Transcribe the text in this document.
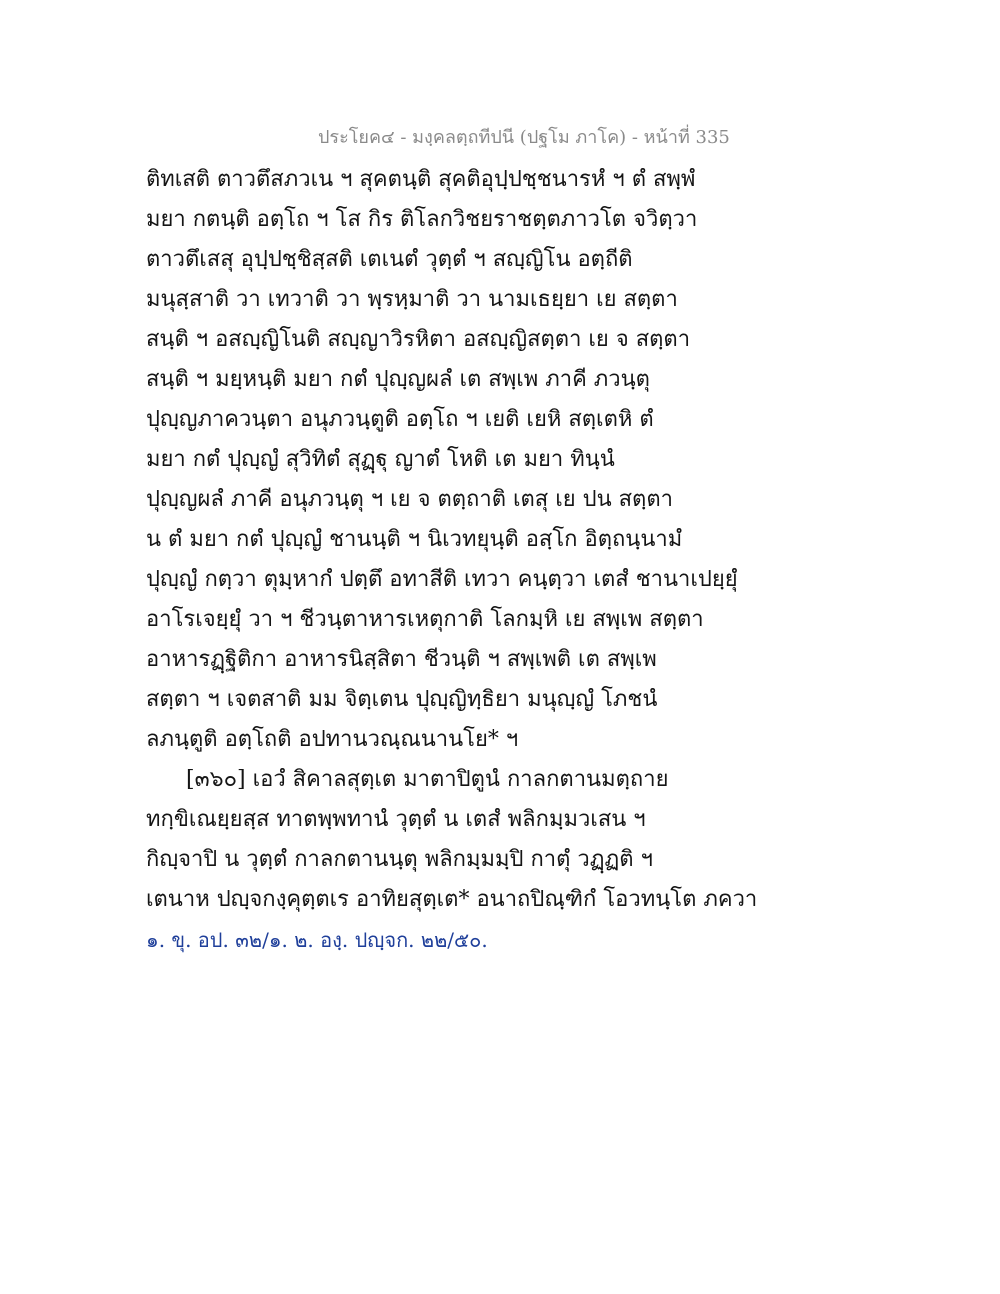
ประโยค๔ - มงฺคลตฺถทีปนี (ปฐโม ภาโค) - หน้าที่ 335
ติทเสติ ตาวตึสภวเน ฯ สุคตนฺติ สุคติอุปฺปชฺชนารหํ ฯ ตํ สพฺพํ
มยา กตนฺติ อตฺโถ ฯ โส กิร ติโลกวิชยราชตฺตภาวโต จวิตฺวา
ตาวตึเสสุ อุปฺปชฺชิสฺสติ เตเนตํ วุตฺตํ ฯ สญฺญิโน อตฺถีติ
มนุสฺสาติ วา เทวาติ วา พฺรหฺมาติ วา นามเธยฺยา เย สตฺตา
สนฺติ ฯ อสญฺญิโนติ สญฺญาวิรหิตา อสญฺญิสตฺตา เย จ สตฺตา
สนฺติ ฯ มยฺหนฺติ มยา กตํ ปุญฺญผลํ เต สพฺเพ ภาคี ภวนฺตุ
ปุญฺญภาควนฺตา อนุภวนฺตูติ อตฺโถ ฯ เยติ เยหิ สตฺเตหิ ตํ
มยา กตํ ปุญฺญํ สุวิทิตํ สุฏฺฐุ ญาตํ โหติ เต มยา ทินฺนํ
ปุญฺญผลํ ภาคี อนุภวนฺตุ ฯ เย จ ตตฺถาติ เตสุ เย ปน สตฺตา
น ตํ มยา กตํ ปุญฺญํ ชานนฺติ ฯ นิเวทยุนฺติ อสฺโก อิตฺถนฺนามํ
ปุญฺญํ กตฺวา ตุมฺหากํ ปตฺตึ อทาสีติ เทวา คนฺตฺวา เตสํ ชานาเปยฺยุํ
อาโรเจยฺยุํ วา ฯ ชีวนฺตาหารเหตุกาติ โลกมฺหิ เย สพฺเพ สตฺตา
อาหารฏฺฐิติกา อาหารนิสฺสิตา ชีวนฺติ ฯ สพฺเพติ เต สพฺเพ
สตฺตา ฯ เจตสาติ มม จิตฺเตน ปุญฺญิทฺธิยา มนุญฺญํ โภชนํ
ลภนฺตูติ อตฺโถติ อปทานวณฺณนานโย* ฯ
[๓๖๐] เอวํ สิคาลสุตฺเต มาตาปิตูนํ กาลกตานมตฺถาย
ทกฺขิเณยฺยสฺส ทาตพฺพทานํ วุตฺตํ น เตสํ พลิกมฺมวเสน ฯ
กิญฺจาปิ น วุตฺตํ กาลกตานนฺตุ พลิกมฺมมฺปิ กาตุํ วฏฺฏติ ฯ
เตนาห ปญฺจกงฺคุตฺตเร อาทิยสุตฺเต* อนาถปิณฺฑิกํ โอวทนฺโต ภควา
๑. ขุ. อป. ๓๒/๑. ๒. องฺ. ปญฺจก. ๒๒/๕๐.
